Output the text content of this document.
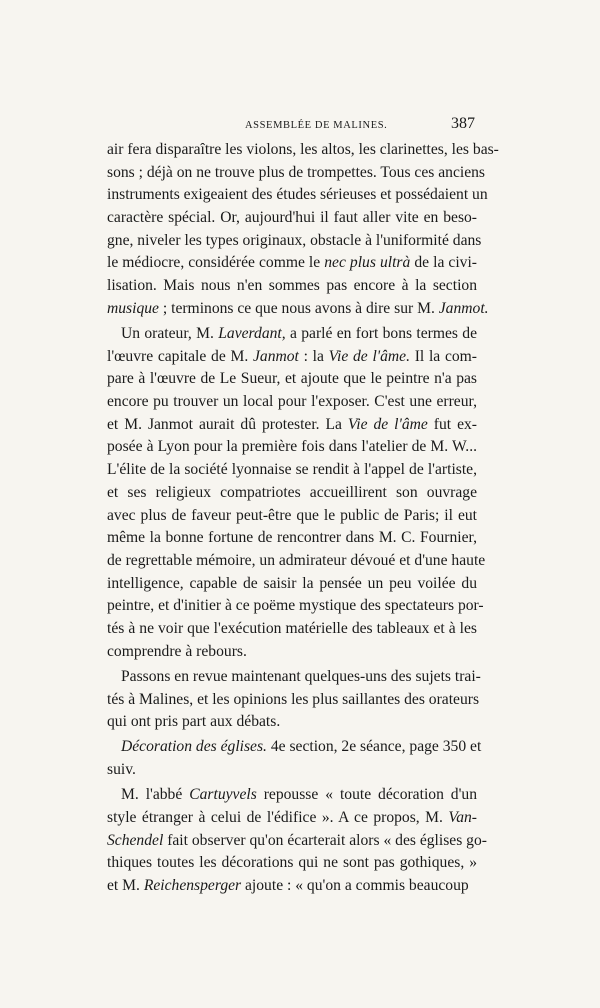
ASSEMBLÉE DE MALINES.	387
air fera disparaître les violons, les altos, les clarinettes, les bas-
sons ; déjà on ne trouve plus de trompettes. Tous ces anciens
instruments exigeaient des études sérieuses et possédaient un
caractère spécial. Or, aujourd'hui il faut aller vite en beso-
gne, niveler les types originaux, obstacle à l'uniformité dans
le médiocre, considérée comme le nec plus ultrà de la civi-
lisation. Mais nous n'en sommes pas encore à la section
musique ; terminons ce que nous avons à dire sur M. Janmot.
Un orateur, M. Laverdant, a parlé en fort bons termes de
l'œuvre capitale de M. Janmot : la Vie de l'âme. Il la com-
pare à l'œuvre de Le Sueur, et ajoute que le peintre n'a pas
encore pu trouver un local pour l'exposer. C'est une erreur,
et M. Janmot aurait dû protester. La Vie de l'âme fut ex-
posée à Lyon pour la première fois dans l'atelier de M. W...
L'élite de la société lyonnaise se rendit à l'appel de l'artiste,
et ses religieux compatriotes accueillirent son ouvrage
avec plus de faveur peut-être que le public de Paris; il eut
même la bonne fortune de rencontrer dans M. C. Fournier,
de regrettable mémoire, un admirateur dévoué et d'une haute
intelligence, capable de saisir la pensée un peu voilée du
peintre, et d'initier à ce poëme mystique des spectateurs por-
tés à ne voir que l'exécution matérielle des tableaux et à les
comprendre à rebours.
Passons en revue maintenant quelques-uns des sujets trai-
tés à Malines, et les opinions les plus saillantes des orateurs
qui ont pris part aux débats.
Décoration des églises. 4e section, 2e séance, page 350 et
suiv.
M. l'abbé Cartuyvels repousse « toute décoration d'un
style étranger à celui de l'édifice ». A ce propos, M. Van-
Schendel fait observer qu'on écarterait alors « des églises go-
thiques toutes les décorations qui ne sont pas gothiques, »
et M. Reichensperger ajoute : « qu'on a commis beaucoup
